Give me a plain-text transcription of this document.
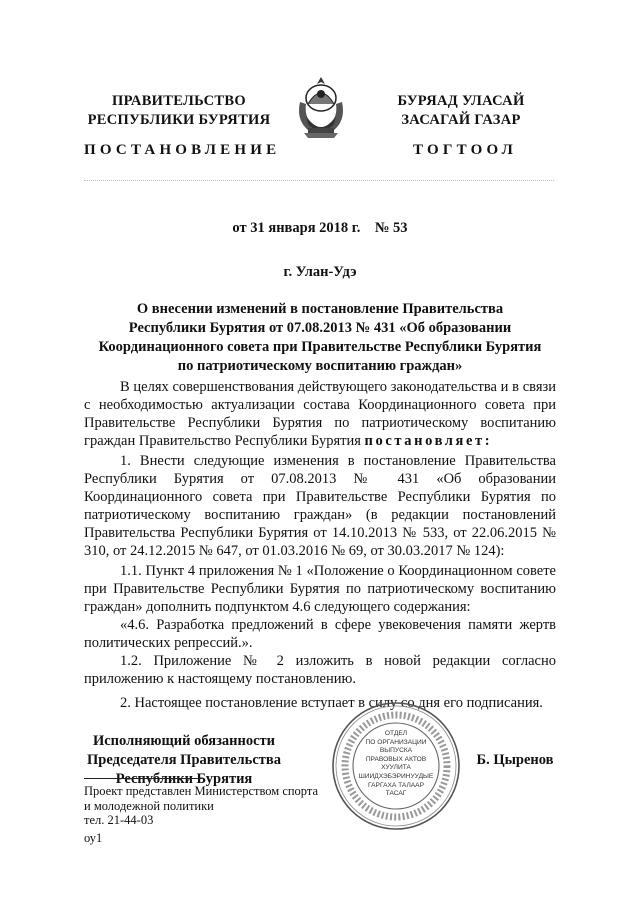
ПРАВИТЕЛЬСТВО
РЕСПУБЛИКИ БУРЯТИЯ
БУРЯАД УЛАСАЙ
ЗАСАГАЙ ГАЗАР
ПОСТАНОВЛЕНИЕ	ТОГТООЛ
от 31 января 2018 г.    № 53
г. Улан-Удэ
О внесении изменений в постановление Правительства
Республики Бурятия от 07.08.2013 № 431 «Об образовании
Координационного совета при Правительстве Республики Бурятия
по патриотическому воспитанию граждан»
В целях совершенствования действующего законодательства и в связи с необходимостью актуализации состава Координационного совета при Правительстве Республики Бурятия по патриотическому воспитанию граждан Правительство Республики Бурятия постановляет:
1. Внести следующие изменения в постановление Правительства Республики Бурятия от 07.08.2013 № 431 «Об образовании Координационного совета при Правительстве Республики Бурятия по патриотическому воспитанию граждан» (в редакции постановлений Правительства Республики Бурятия от 14.10.2013 № 533, от 22.06.2015 № 310, от 24.12.2015 № 647, от 01.03.2016 № 69, от 30.03.2017 № 124):
1.1. Пункт 4 приложения № 1 «Положение о Координационном совете при Правительстве Республики Бурятия по патриотическому воспитанию граждан» дополнить подпунктом 4.6 следующего содержания:
«4.6. Разработка предложений в сфере увековечения памяти жертв политических репрессий.».
1.2. Приложение № 2 изложить в новой редакции согласно приложению к настоящему постановлению.
2. Настоящее постановление вступает в силу со дня его подписания.
Исполняющий обязанности
Председателя Правительства
Республики Бурятия
ОТДЕЛ
ПО ОРГАНИЗАЦИИ
ВЫПУСКА
ПРАВОВЫХ АКТОВ
ХУУЛИТА
ШИИДХЭБЭРИНУУДЫЕ
ГАРГАХА ТАЛААР
ТАСАГ
Б. Цыренов
Проект представлен Министерством спорта
и молодежной политики
тел. 21-44-03
оу1
